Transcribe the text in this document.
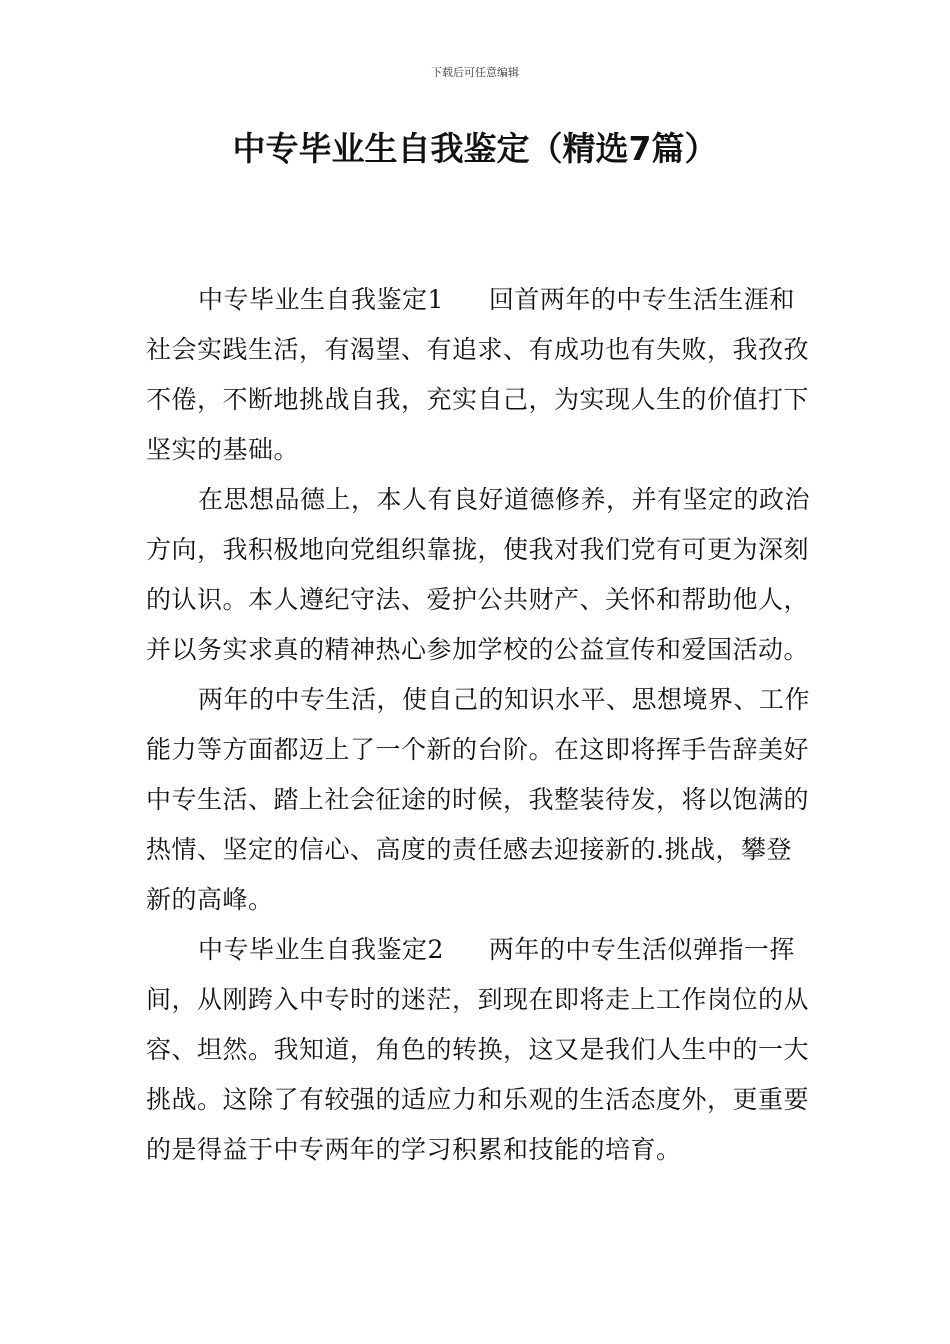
下载后可任意编辑
中专毕业生自我鉴定（精选7篇）

中专毕业生自我鉴定1 回首两年的中专生活生涯和社会实践生活，有渴望、有追求、有成功也有失败，我孜孜不倦，不断地挑战自我，充实自己，为实现人生的价值打下坚实的基础。

在思想品德上，本人有良好道德修养，并有坚定的政治方向，我积极地向党组织靠拢，使我对我们党有可更为深刻的认识。本人遵纪守法、爱护公共财产、关怀和帮助他人，并以务实求真的精神热心参加学校的公益宣传和爱国活动。

两年的中专生活，使自己的知识水平、思想境界、工作能力等方面都迈上了一个新的台阶。在这即将挥手告辞美好中专生活、踏上社会征途的时候，我整装待发，将以饱满的热情、坚定的信心、高度的责任感去迎接新的.挑战，攀登新的高峰。

中专毕业生自我鉴定2 两年的中专生活似弹指一挥间，从刚跨入中专时的迷茫，到现在即将走上工作岗位的从容、坦然。我知道，角色的转换，这又是我们人生中的一大挑战。这除了有较强的适应力和乐观的生活态度外，更重要的是得益于中专两年的学习积累和技能的培育。
